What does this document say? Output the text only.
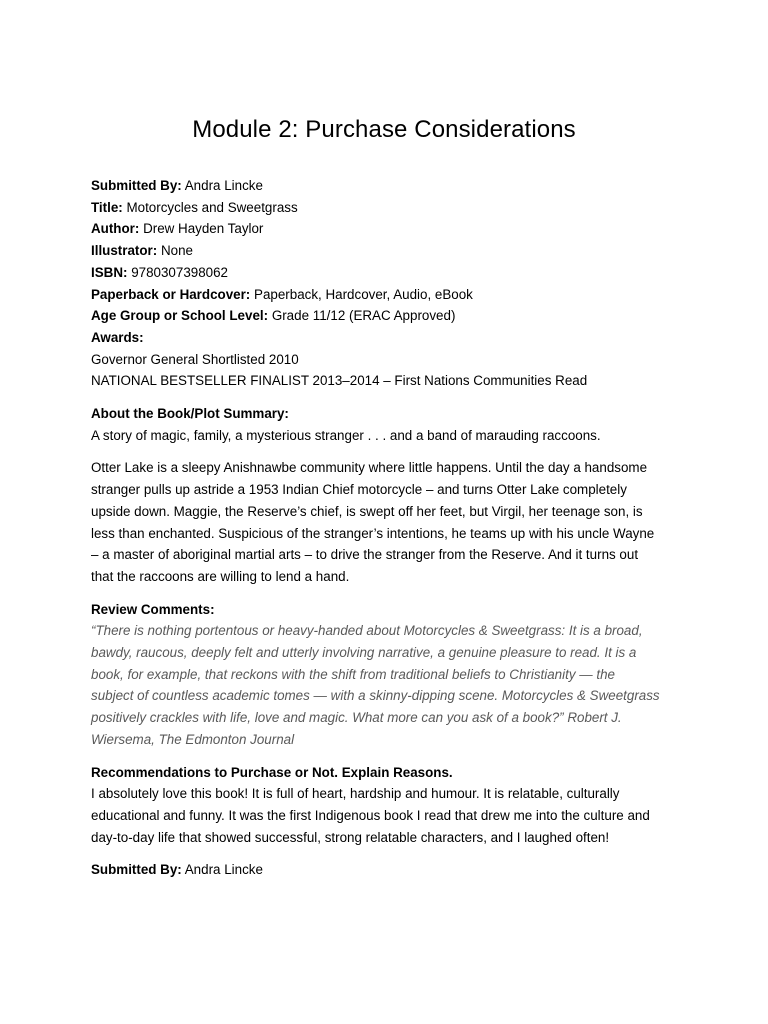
Module 2: Purchase Considerations
Submitted By: Andra Lincke
Title: Motorcycles and Sweetgrass
Author: Drew Hayden Taylor
Illustrator: None
ISBN: 9780307398062
Paperback or Hardcover: Paperback, Hardcover, Audio, eBook
Age Group or School Level: Grade 11/12 (ERAC Approved)
Awards:
Governor General Shortlisted 2010
NATIONAL BESTSELLER FINALIST 2013–2014 – First Nations Communities Read
About the Book/Plot Summary:
A story of magic, family, a mysterious stranger . . . and a band of marauding raccoons.
Otter Lake is a sleepy Anishnawbe community where little happens. Until the day a handsome
stranger pulls up astride a 1953 Indian Chief motorcycle – and turns Otter Lake completely
upside down. Maggie, the Reserve’s chief, is swept off her feet, but Virgil, her teenage son, is
less than enchanted. Suspicious of the stranger’s intentions, he teams up with his uncle Wayne
– a master of aboriginal martial arts – to drive the stranger from the Reserve. And it turns out
that the raccoons are willing to lend a hand.
Review Comments:
“There is nothing portentous or heavy-handed about Motorcycles & Sweetgrass: It is a broad,
bawdy, raucous, deeply felt and utterly involving narrative, a genuine pleasure to read. It is a
book, for example, that reckons with the shift from traditional beliefs to Christianity — the
subject of countless academic tomes — with a skinny-dipping scene. Motorcycles & Sweetgrass
positively crackles with life, love and magic. What more can you ask of a book?” Robert J.
Wiersema, The Edmonton Journal
Recommendations to Purchase or Not. Explain Reasons.
I absolutely love this book! It is full of heart, hardship and humour. It is relatable, culturally
educational and funny. It was the first Indigenous book I read that drew me into the culture and
day-to-day life that showed successful, strong relatable characters, and I laughed often!
Submitted By: Andra Lincke
